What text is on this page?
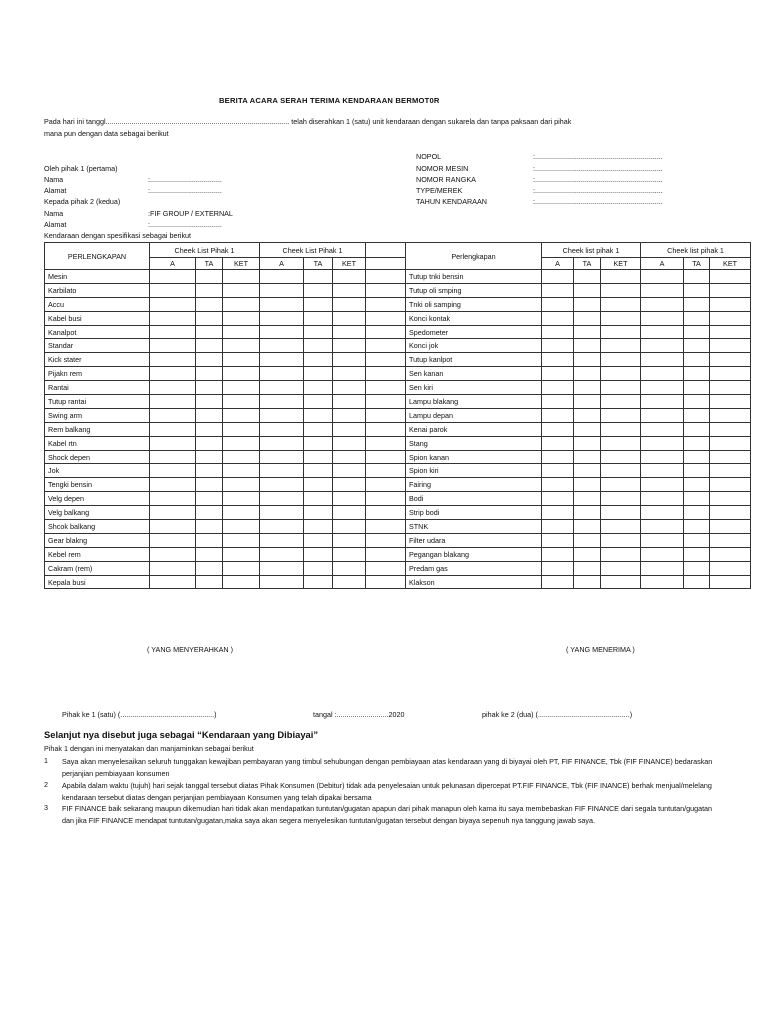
BERITA ACARA SERAH TERIMA KENDARAAN BERMOT0R
Pada hari ini tanggl............................................................................................ telah diserahkan 1 (satu) unit kendaraan dengan sukarela dan tanpa paksaan dari pihak
mana pun dengan data sebagai berikut
Oleh pihak 1 (pertama)
Nama	:....................................
Alamat	:....................................
Kepada pihak 2 (kedua)
Nama	:FIF GROUP / EXTERNAL
Alamat	:....................................
Kendaraan dengan spesifikasi sebagai berikut
NOPOL	:................................................................
NOMOR MESIN	:................................................................
NOMOR RANGKA	:................................................................
TYPE/MEREK	:................................................................
TAHUN KENDARAAN	:................................................................
PERLENGKAPAN	Cheek List Pihak 1			Cheek List Pihak 1				Perlengkapan	Cheek list pihak 1			Cheek list pihak 1		
	A	TA	KET	A	TA	KET			A	TA	KET	A	TA	KET
Mesin								Tutup tnki bensin						
Karbilato								Tutup oli smping						
Accu								Tnki oli samping						
Kabel busi								Konci kontak						
Kanalpot								Spedometer						
Standar								Konci jok						
Kick stater								Tutup kanlpot						
Pijakn rem								Sen kanan						
Rantai								Sen kiri						
Tutup rantai								Lampu blakang						
Swing arm								Lampu depan						
Rem balkang								Kenai parok						
Kabel rtn								Stang						
Shock depen								Spion kanan						
Jok								Spion kiri						
Tengki bensin								Fairing						
Velg depen								Bodi						
Velg balkang								Strip bodi						
Shcok balkang								STNK						
Gear blakng								Filter udara						
Kebel rem								Pegangan blakang						
Cakram (rem)								Predam gas						
Kepala busi								Klakson						
( YANG MENYERAHKAN )	( YANG MENERIMA )
Pihak ke 1 (satu) (...............................................)	tangal :..........................2020	pihak ke 2 (dua) (..............................................)
Selanjut nya disebut juga sebagai “Kendaraan yang Dibiayai”
Pihak 1 dengan ini menyatakan dan manjaminkan sebagai berikut
1 Saya akan menyelesaikan seluruh tunggakan kewajiban pembayaran yang timbul sehubungan dengan pembiayaan atas kendaraan yang di biyayai oleh PT, FIF FINANCE, Tbk (FIF FINANCE) bedaraskan perjanjian pembiayaan konsumen
2 Apabila dalam waktu (tujuh) hari sejak tanggal tersebut diatas Pihak Konsumen (Debitur) tidak ada penyelesaian untuk pelunasan dipercepat PT.FIF FINANCE, Tbk (FIF INANCE) berhak menjual/melelang kendaraan tersebut diatas dengan perjanjian pembiayaan Konsumen yang telah dipakai bersama
3 FIF FINANCE baik sekarang maupun dikemudian hari tidak akan mendapatkan tuntutan/gugatan apapun dari pihak manapun oleh karna itu saya membebaskan FIF FINANCE dari segala tuntutan/gugatan dan jika FIF FINANCE mendapat tuntutan/gugatan,maka saya akan segera menyelesikan tuntutan/gugatan tersebut dengan biyaya sepenuh nya tanggung jawab saya.
